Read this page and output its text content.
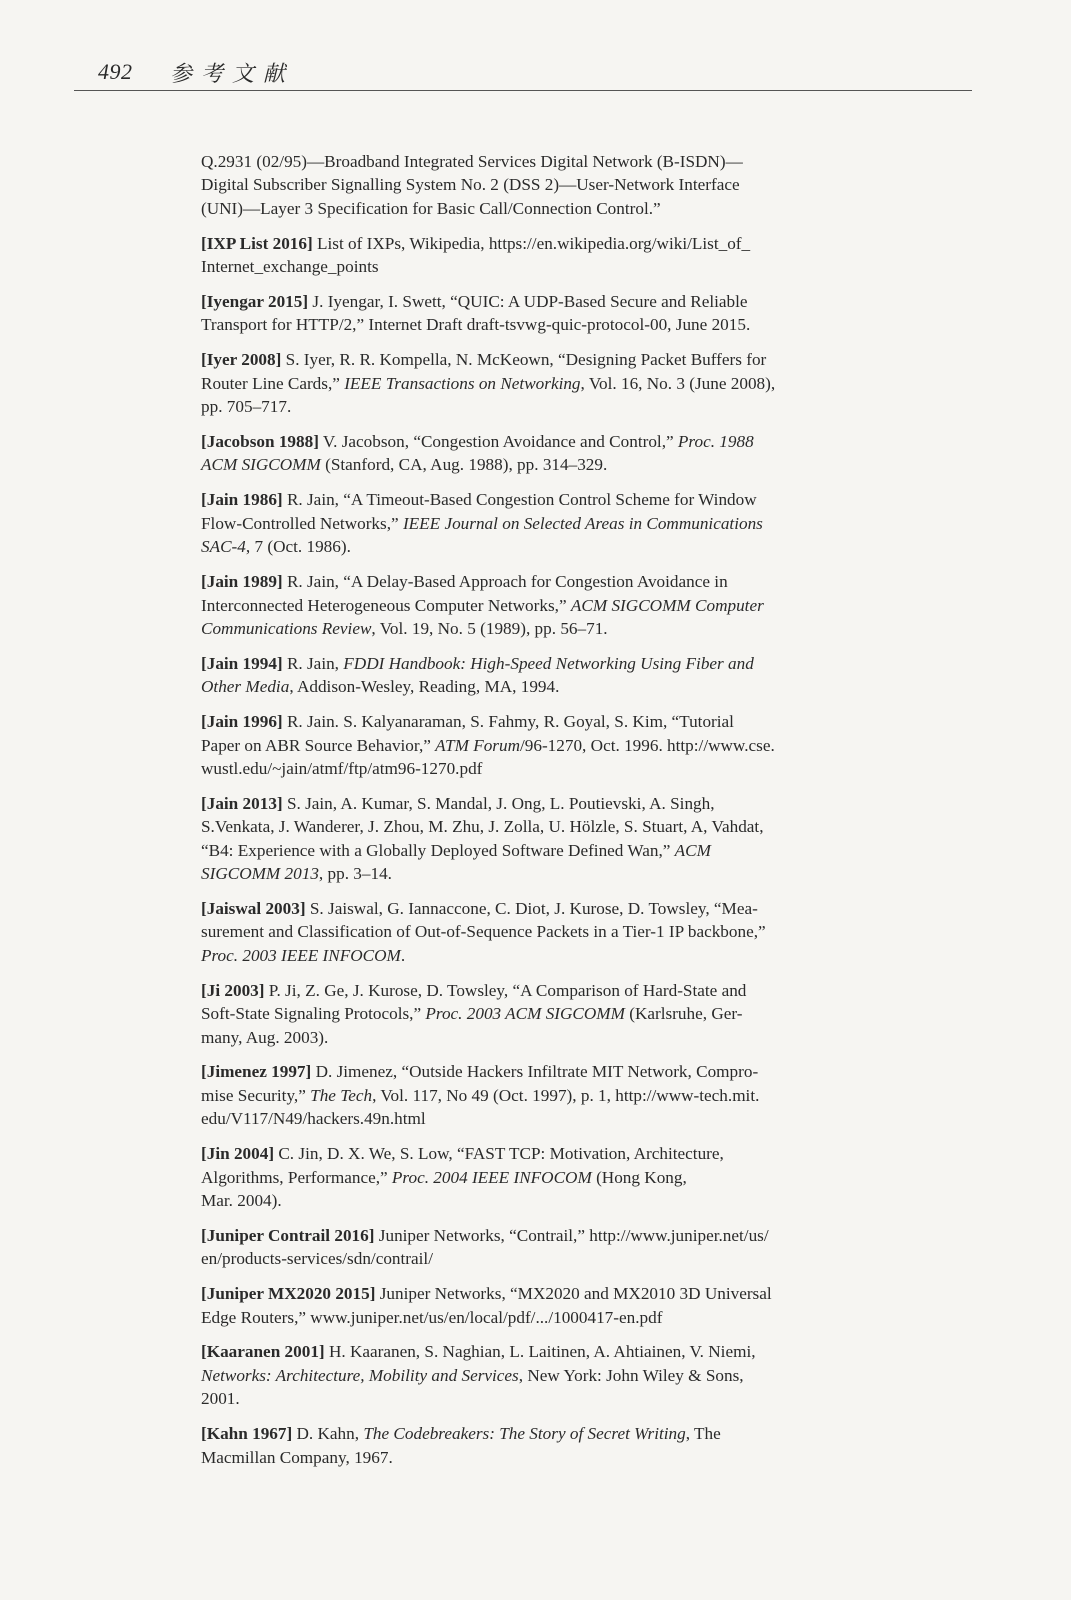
492 参考文献
Q.2931 (02/95)—Broadband Integrated Services Digital Network (B-ISDN)—
Digital Subscriber Signalling System No. 2 (DSS 2)—User-Network Interface
(UNI)—Layer 3 Specification for Basic Call/Connection Control.”
[IXP List 2016] List of IXPs, Wikipedia, https://en.wikipedia.org/wiki/List_of_
Internet_exchange_points
[Iyengar 2015] J. Iyengar, I. Swett, “QUIC: A UDP-Based Secure and Reliable
Transport for HTTP/2,” Internet Draft draft-tsvwg-quic-protocol-00, June 2015.
[Iyer 2008] S. Iyer, R. R. Kompella, N. McKeown, “Designing Packet Buffers for
Router Line Cards,” IEEE Transactions on Networking, Vol. 16, No. 3 (June 2008),
pp. 705–717.
[Jacobson 1988] V. Jacobson, “Congestion Avoidance and Control,” Proc. 1988
ACM SIGCOMM (Stanford, CA, Aug. 1988), pp. 314–329.
[Jain 1986] R. Jain, “A Timeout-Based Congestion Control Scheme for Window
Flow-Controlled Networks,” IEEE Journal on Selected Areas in Communications
SAC-4, 7 (Oct. 1986).
[Jain 1989] R. Jain, “A Delay-Based Approach for Congestion Avoidance in
Interconnected Heterogeneous Computer Networks,” ACM SIGCOMM Computer
Communications Review, Vol. 19, No. 5 (1989), pp. 56–71.
[Jain 1994] R. Jain, FDDI Handbook: High-Speed Networking Using Fiber and
Other Media, Addison-Wesley, Reading, MA, 1994.
[Jain 1996] R. Jain. S. Kalyanaraman, S. Fahmy, R. Goyal, S. Kim, “Tutorial
Paper on ABR Source Behavior,” ATM Forum/96-1270, Oct. 1996. http://www.cse.
wustl.edu/~jain/atmf/ftp/atm96-1270.pdf
[Jain 2013] S. Jain, A. Kumar, S. Mandal, J. Ong, L. Poutievski, A. Singh,
S.Venkata, J. Wanderer, J. Zhou, M. Zhu, J. Zolla, U. Hölzle, S. Stuart, A, Vahdat,
“B4: Experience with a Globally Deployed Software Defined Wan,” ACM
SIGCOMM 2013, pp. 3–14.
[Jaiswal 2003] S. Jaiswal, G. Iannaccone, C. Diot, J. Kurose, D. Towsley, “Mea-
surement and Classification of Out-of-Sequence Packets in a Tier-1 IP backbone,”
Proc. 2003 IEEE INFOCOM.
[Ji 2003] P. Ji, Z. Ge, J. Kurose, D. Towsley, “A Comparison of Hard-State and
Soft-State Signaling Protocols,” Proc. 2003 ACM SIGCOMM (Karlsruhe, Ger-
many, Aug. 2003).
[Jimenez 1997] D. Jimenez, “Outside Hackers Infiltrate MIT Network, Compro-
mise Security,” The Tech, Vol. 117, No 49 (Oct. 1997), p. 1, http://www-tech.mit.
edu/V117/N49/hackers.49n.html
[Jin 2004] C. Jin, D. X. We, S. Low, “FAST TCP: Motivation, Architecture,
Algorithms, Performance,” Proc. 2004 IEEE INFOCOM (Hong Kong,
Mar. 2004).
[Juniper Contrail 2016] Juniper Networks, “Contrail,” http://www.juniper.net/us/
en/products-services/sdn/contrail/
[Juniper MX2020 2015] Juniper Networks, “MX2020 and MX2010 3D Universal
Edge Routers,” www.juniper.net/us/en/local/pdf/.../1000417-en.pdf
[Kaaranen 2001] H. Kaaranen, S. Naghian, L. Laitinen, A. Ahtiainen, V. Niemi,
Networks: Architecture, Mobility and Services, New York: John Wiley & Sons,
2001.
[Kahn 1967] D. Kahn, The Codebreakers: The Story of Secret Writing, The
Macmillan Company, 1967.
